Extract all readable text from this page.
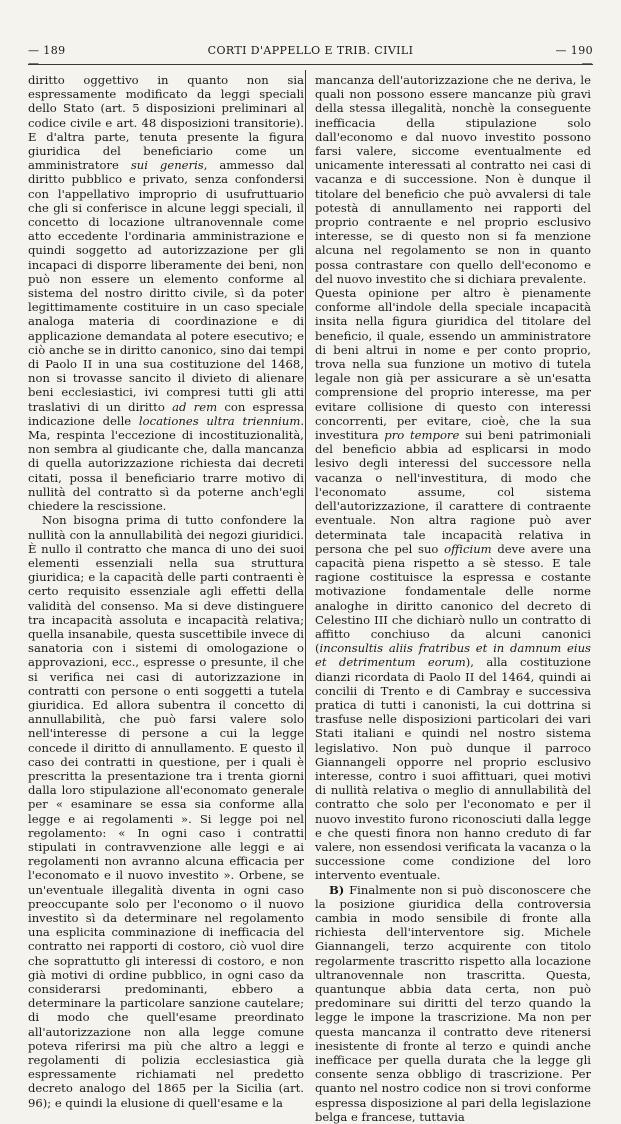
— 189	CORTI D'APPELLO E TRIB. CIVILI	— 190

diritto oggettivo in quanto non sia espressamente modificato da leggi speciali dello Stato (art. 5 disposizioni preliminari al codice civile e art. 48 disposizioni transitorie). E d'altra parte, tenuta presente la figura giuridica del beneficiario come un amministratore sui generis, ammesso dal diritto pubblico e privato, senza confondersi con l'appellativo improprio di usufruttuario che gli si conferisce in alcune leggi speciali, il concetto di locazione ultranovennale come atto eccedente l'ordinaria amministrazione e quindi soggetto ad autorizzazione per gli incapaci di disporre liberamente dei beni, non può non essere un elemento conforme al sistema del nostro diritto civile, sì da poter legittimamente costituire in un caso speciale analoga materia di coordinazione e di applicazione demandata al potere esecutivo; e ciò anche se in diritto canonico, sino dai tempi di Paolo II in una sua costituzione del 1468, non si trovasse sancito il divieto di alienare beni ecclesiastici, ivi compresi tutti gli atti traslativi di un diritto ad rem con espressa indicazione delle locationes ultra triennium. Ma, respinta l'eccezione di incostituzionalità, non sembra al giudicante che, dalla mancanza di quella autorizzazione richiesta dai decreti citati, possa il beneficiario trarre motivo di nullità del contratto sì da poterne anch'egli chiedere la rescissione.

Non bisogna prima di tutto confondere la nullità con la annullabilità dei negozi giuridici. È nullo il contratto che manca di uno dei suoi elementi essenziali nella sua struttura giuridica; e la capacità delle parti contraenti è certo requisito essenziale agli effetti della validità del consenso. Ma si deve distinguere tra incapacità assoluta e incapacità relativa; quella insanabile, questa suscettibile invece di sanatoria con i sistemi di omologazione o approvazioni, ecc., espresse o presunte, il che si verifica nei casi di autorizzazione in contratti con persone o enti soggetti a tutela giuridica. Ed allora subentra il concetto di annullabilità, che può farsi valere solo nell'interesse di persone a cui la legge concede il diritto di annullamento. E questo il caso dei contratti in questione, per i quali è prescritta la presentazione tra i trenta giorni dalla loro stipulazione all'economato generale per « esaminare se essa sia conforme alla legge e ai regolamenti ». Si legge poi nel regolamento: « In ogni caso i contratti stipulati in contravvenzione alle leggi e ai regolamenti non avranno alcuna efficacia per l'economato e il nuovo investito ». Orbene, se un'eventuale illegalità diventa in ogni caso preoccupante solo per l'economo o il nuovo investito sì da determinare nel regolamento una esplicita comminazione di inefficacia del contratto nei rapporti di costoro, ciò vuol dire che soprattutto gli interessi di costoro, e non già motivi di ordine pubblico, in ogni caso da considerarsi predominanti, ebbero a determinare la particolare sanzione cautelare; di modo che quell'esame preordinato all'autorizzazione non alla legge comune poteva riferirsi ma più che altro a leggi e regolamenti di polizia ecclesiastica già espressamente richiamati nel predetto decreto analogo del 1865 per la Sicilia (art. 96); e quindi la elusione di quell'esame e la

mancanza dell'autorizzazione che ne deriva, le quali non possono essere mancanze più gravi della stessa illegalità, nonchè la conseguente inefficacia della stipulazione solo dall'economo e dal nuovo investito possono farsi valere, siccome eventualmente ed unicamente interessati al contratto nei casi di vacanza e di successione. Non è dunque il titolare del beneficio che può avvalersi di tale potestà di annullamento nei rapporti del proprio contraente e nel proprio esclusivo interesse, se di questo non si fa menzione alcuna nel regolamento se non in quanto possa contrastare con quello dell'economo e del nuovo investito che si dichiara prevalente.

Questa opinione per altro è pienamente conforme all'indole della speciale incapacità insita nella figura giuridica del titolare del beneficio, il quale, essendo un amministratore di beni altrui in nome e per conto proprio, trova nella sua funzione un motivo di tutela legale non già per assicurare a sè un'esatta comprensione del proprio interesse, ma per evitare collisione di questo con interessi concorrenti, per evitare, cioè, che la sua investitura pro tempore sui beni patrimoniali del beneficio abbia ad esplicarsi in modo lesivo degli interessi del successore nella vacanza o nell'investitura, di modo che l'economato assume, col sistema dell'autorizzazione, il carattere di contraente eventuale. Non altra ragione può aver determinata tale incapacità relativa in persona che pel suo officium deve avere una capacità piena rispetto a sè stesso. E tale ragione costituisce la espressa e costante motivazione fondamentale delle norme analoghe in diritto canonico del decreto di Celestino III che dichiarò nullo un contratto di affitto conchiuso da alcuni canonici (inconsultis aliis fratribus et in damnum eius et detrimentum eorum), alla costituzione dianzi ricordata di Paolo II del 1464, quindi ai concilii di Trento e di Cambray e successiva pratica di tutti i canonisti, la cui dottrina si trasfuse nelle disposizioni particolari dei vari Stati italiani e quindi nel nostro sistema legislativo. Non può dunque il parroco Giannangeli opporre nel proprio esclusivo interesse, contro i suoi affittuari, quei motivi di nullità relativa o meglio di annullabilità del contratto che solo per l'economato e per il nuovo investito furono riconosciuti dalla legge e che questi finora non hanno creduto di far valere, non essendosi verificata la vacanza o la successione come condizione del loro intervento eventuale.

B) Finalmente non si può disconoscere che la posizione giuridica della controversia cambia in modo sensibile di fronte alla richiesta dell'interventore sig. Michele Giannangeli, terzo acquirente con titolo regolarmente trascritto rispetto alla locazione ultranovennale non trascritta. Questa, quantunque abbia data certa, non può predominare sui diritti del terzo quando la legge le impone la trascrizione. Ma non per questa mancanza il contratto deve ritenersi inesistente di fronte al terzo e quindi anche inefficace per quella durata che la legge gli consente senza obbligo di trascrizione. Per quanto nel nostro codice non si trovi conforme espressa disposizione al pari della legislazione belga e francese, tuttavia
